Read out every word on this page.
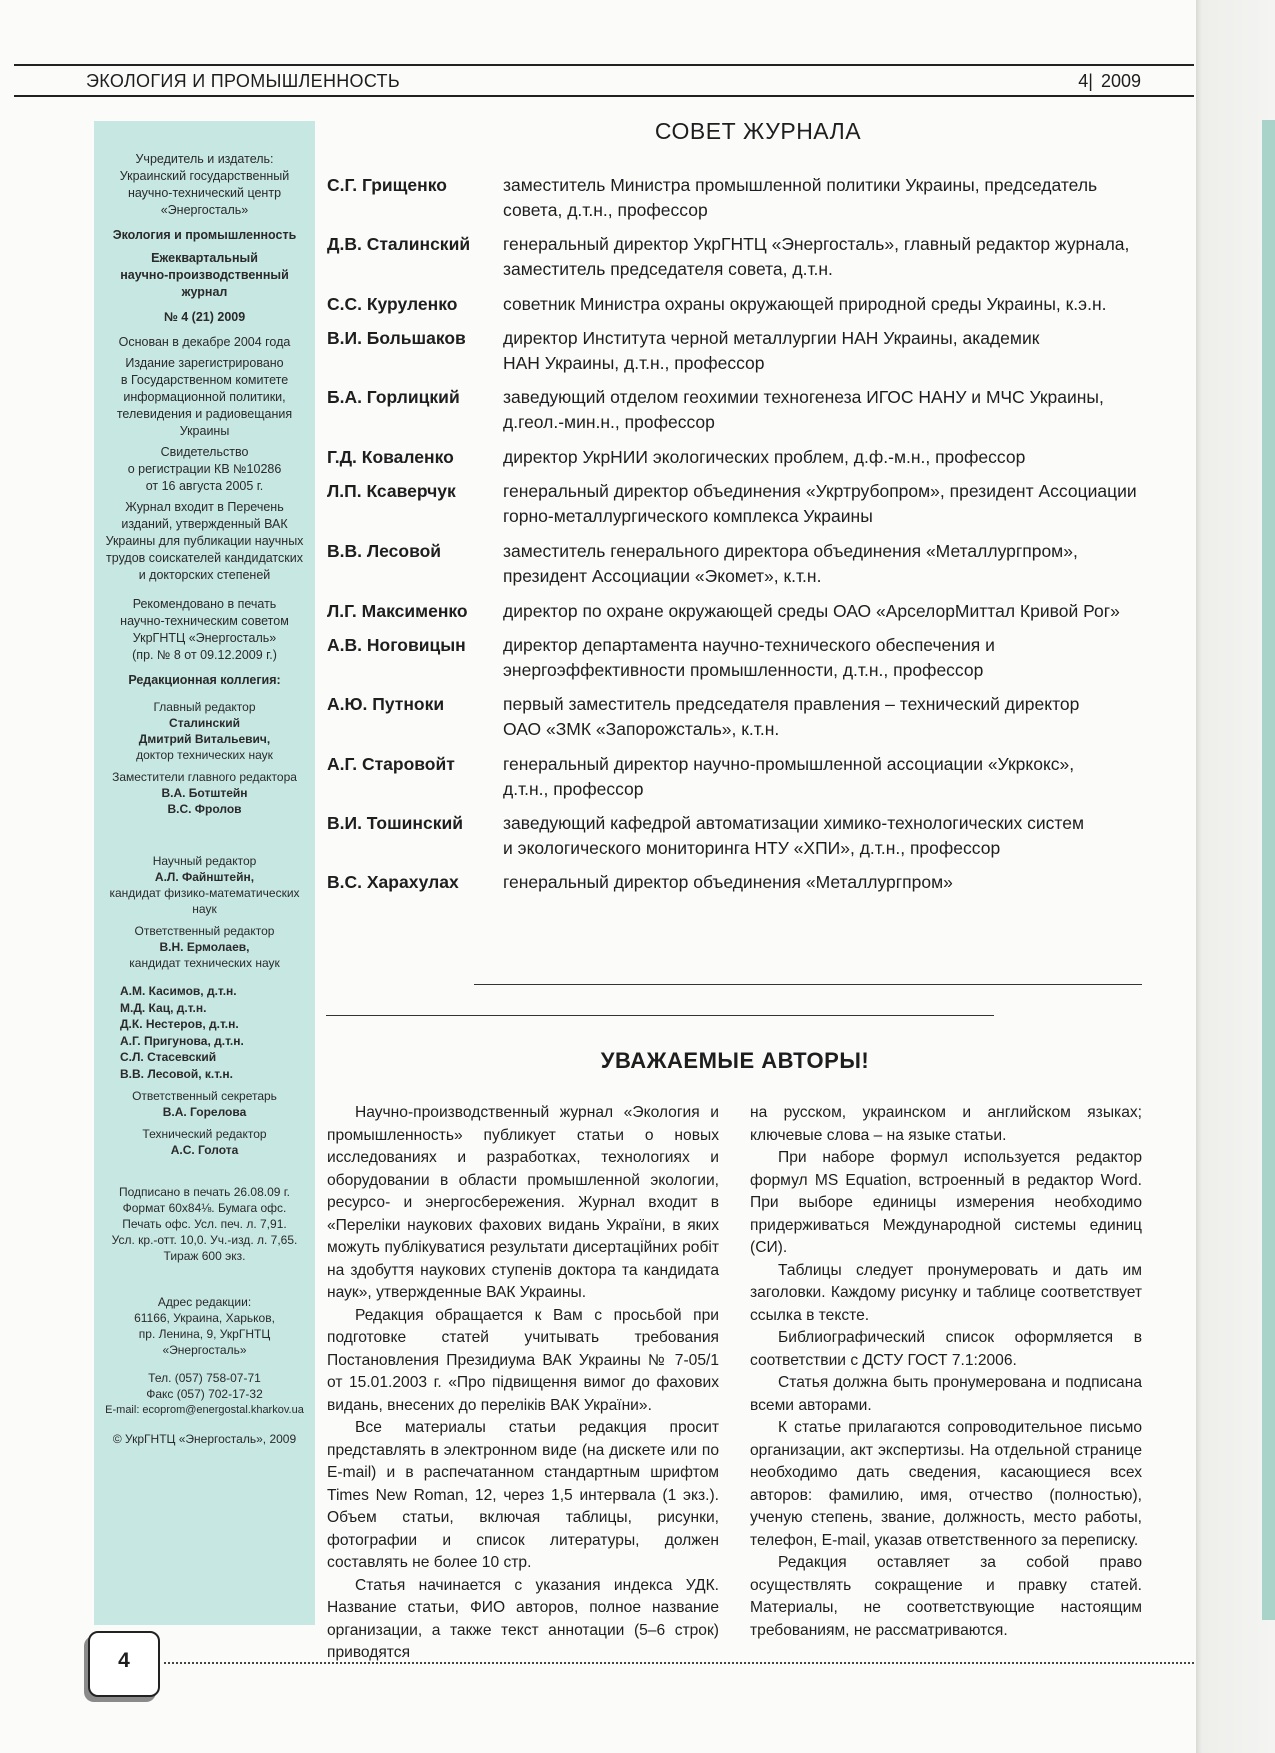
ЭКОЛОГИЯ И ПРОМЫШЛЕННОСТЬ	4| 2009
Учредитель и издатель:
Украинский государственный
научно-технический центр
«Энергосталь»
Экология и промышленность
Ежеквартальный
научно-производственный
журнал
№ 4 (21) 2009
Основан в декабре 2004 года
Издание зарегистрировано
в Государственном комитете
информационной политики,
телевидения и радиовещания
Украины
Свидетельство
о регистрации КВ №10286
от 16 августа 2005 г.
Журнал входит в Перечень
изданий, утвержденный ВАК
Украины для публикации научных
трудов соискателей кандидатских
и докторских степеней
Рекомендовано в печать
научно-техническим советом
УкрГНТЦ «Энергосталь»
(пр. № 8 от 09.12.2009 г.)
Редакционная коллегия:
Главный редактор
Сталинский
Дмитрий Витальевич,
доктор технических наук
Заместители главного редактора
В.А. Ботштейн
В.С. Фролов
Научный редактор
А.Л. Файнштейн,
кандидат физико-математических наук
Ответственный редактор
В.Н. Ермолаев,
кандидат технических наук
А.М. Касимов, д.т.н.
М.Д. Кац, д.т.н.
Д.К. Нестеров, д.т.н.
А.Г. Пригунова, д.т.н.
С.Л. Стасевский
В.В. Лесовой, к.т.н.
Ответственный секретарь
В.А. Горелова
Технический редактор
А.С. Голота
Подписано в печать 26.08.09 г.
Формат 60х84⅛. Бумага офс.
Печать офс. Усл. печ. л. 7,91.
Усл. кр.-отт. 10,0. Уч.-изд. л. 7,65.
Тираж 600 экз.
Адрес редакции:
61166, Украина, Харьков,
пр. Ленина, 9, УкрГНТЦ «Энергосталь»
Тел. (057) 758-07-71
Факс (057) 702-17-32
E-mail: ecoprom@energostal.kharkov.ua
© УкрГНТЦ «Энергосталь», 2009
СОВЕТ ЖУРНАЛА
С.Г. Грищенко	заместитель Министра промышленной политики Украины, председатель
совета, д.т.н., профессор
Д.В. Сталинский	генеральный директор УкрГНТЦ «Энергосталь», главный редактор журнала,
заместитель председателя совета, д.т.н.
С.С. Куруленко	советник Министра охраны окружающей природной среды Украины, к.э.н.
В.И. Большаков	директор Института черной металлургии НАН Украины, академик
НАН Украины, д.т.н., профессор
Б.А. Горлицкий	заведующий отделом геохимии техногенеза ИГОС НАНУ и МЧС Украины,
д.геол.-мин.н., профессор
Г.Д. Коваленко	директор УкрНИИ экологических проблем, д.ф.-м.н., профессор
Л.П. Ксаверчук	генеральный директор объединения «Укртрубопром», президент Ассоциации
горно-металлургического комплекса Украины
В.В. Лесовой	заместитель генерального директора объединения «Металлургпром»,
президент Ассоциации «Экомет», к.т.н.
Л.Г. Максименко	директор по охране окружающей среды ОАО «АрселорМиттал Кривой Рог»
А.В. Ноговицын	директор департамента научно-технического обеспечения и
энергоэффективности промышленности, д.т.н., профессор
А.Ю. Путноки	первый заместитель председателя правления – технический директор
ОАО «ЗМК «Запорожсталь», к.т.н.
А.Г. Старовойт	генеральный директор научно-промышленной ассоциации «Укркокс»,
д.т.н., профессор
В.И. Тошинский	заведующий кафедрой автоматизации химико-технологических систем
и экологического мониторинга НТУ «ХПИ», д.т.н., профессор
В.С. Харахулах	генеральный директор объединения «Металлургпром»
УВАЖАЕМЫЕ АВТОРЫ!

Научно-производственный журнал «Экология и промышленность» публикует статьи о новых исследованиях и разработках, технологиях и оборудовании в области промышленной экологии, ресурсо- и энергосбережения. Журнал входит в «Переліки наукових фахових видань України, в яких можуть публікуватися результати дисертаційних робіт на здобуття наукових ступенів доктора та кандидата наук», утвержденные ВАК Украины.

Редакция обращается к Вам с просьбой при подготовке статей учитывать требования Постановления Президиума ВАК Украины № 7-05/1 от 15.01.2003 г. «Про підвищення вимог до фахових видань, внесених до переліків ВАК України».

Все материалы статьи редакция просит представлять в электронном виде (на дискете или по E-mail) и в распечатанном стандартным шрифтом Times New Roman, 12, через 1,5 интервала (1 экз.). Объем статьи, включая таблицы, рисунки, фотографии и список литературы, должен составлять не более 10 стр.

Статья начинается с указания индекса УДК. Название статьи, ФИО авторов, полное название организации, а также текст аннотации (5–6 строк) приводятся

на русском, украинском и английском языках; ключевые слова – на языке статьи.

При наборе формул используется редактор формул MS Equation, встроенный в редактор Word. При выборе единицы измерения необходимо придерживаться Международной системы единиц (СИ).

Таблицы следует пронумеровать и дать им заголовки. Каждому рисунку и таблице соответствует ссылка в тексте.

Библиографический список оформляется в соответствии с ДСТУ ГОСТ 7.1:2006.

Статья должна быть пронумерована и подписана всеми авторами.

К статье прилагаются сопроводительное письмо организации, акт экспертизы. На отдельной странице необходимо дать сведения, касающиеся всех авторов: фамилию, имя, отчество (полностью), ученую степень, звание, должность, место работы, телефон, E-mail, указав ответственного за переписку.

Редакция оставляет за собой право осуществлять сокращение и правку статей. Материалы, не соответствующие настоящим требованиям, не рассматриваются.

4
